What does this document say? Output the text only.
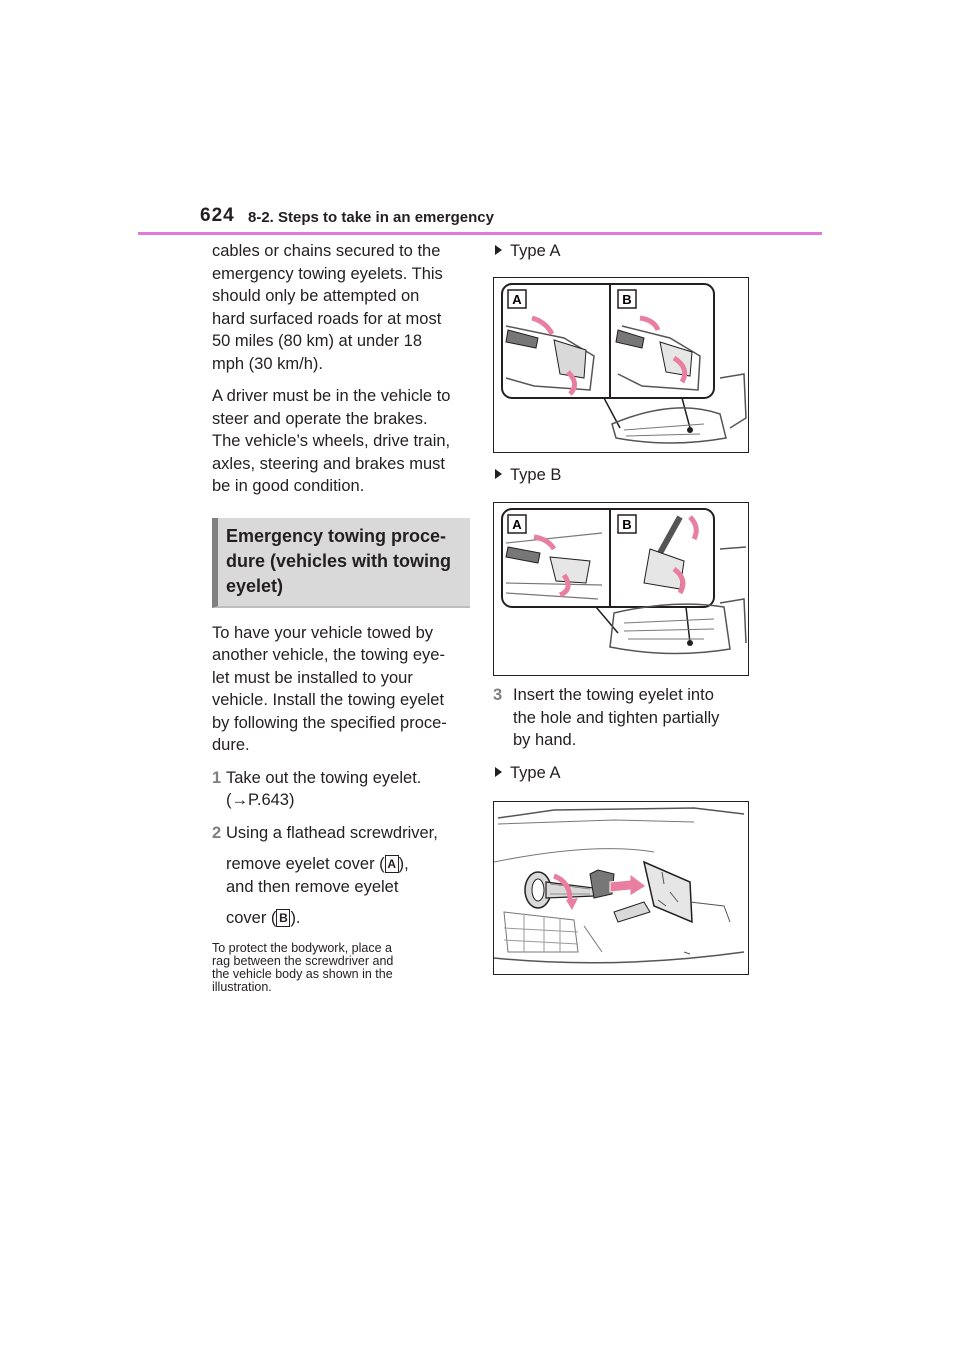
624 8-2. Steps to take in an emergency

cables or chains secured to the
emergency towing eyelets. This
should only be attempted on
hard surfaced roads for at most
50 miles (80 km) at under 18
mph (30 km/h).

A driver must be in the vehicle to
steer and operate the brakes.
The vehicle’s wheels, drive train,
axles, steering and brakes must
be in good condition.

Emergency towing proce-
dure (vehicles with towing
eyelet)

To have your vehicle towed by
another vehicle, the towing eye-
let must be installed to your
vehicle. Install the towing eyelet
by following the specified proce-
dure.

1 Take out the towing eyelet.
(→P.643)
2 Using a flathead screwdriver,
remove eyelet cover ( A ),
and then remove eyelet
cover ( B ).
To protect the bodywork, place a
rag between the screwdriver and
the vehicle body as shown in the
illustration.
Type A
A	B
Type B
A	B
3 Insert the towing eyelet into
the hole and tighten partially
by hand.
Type A
